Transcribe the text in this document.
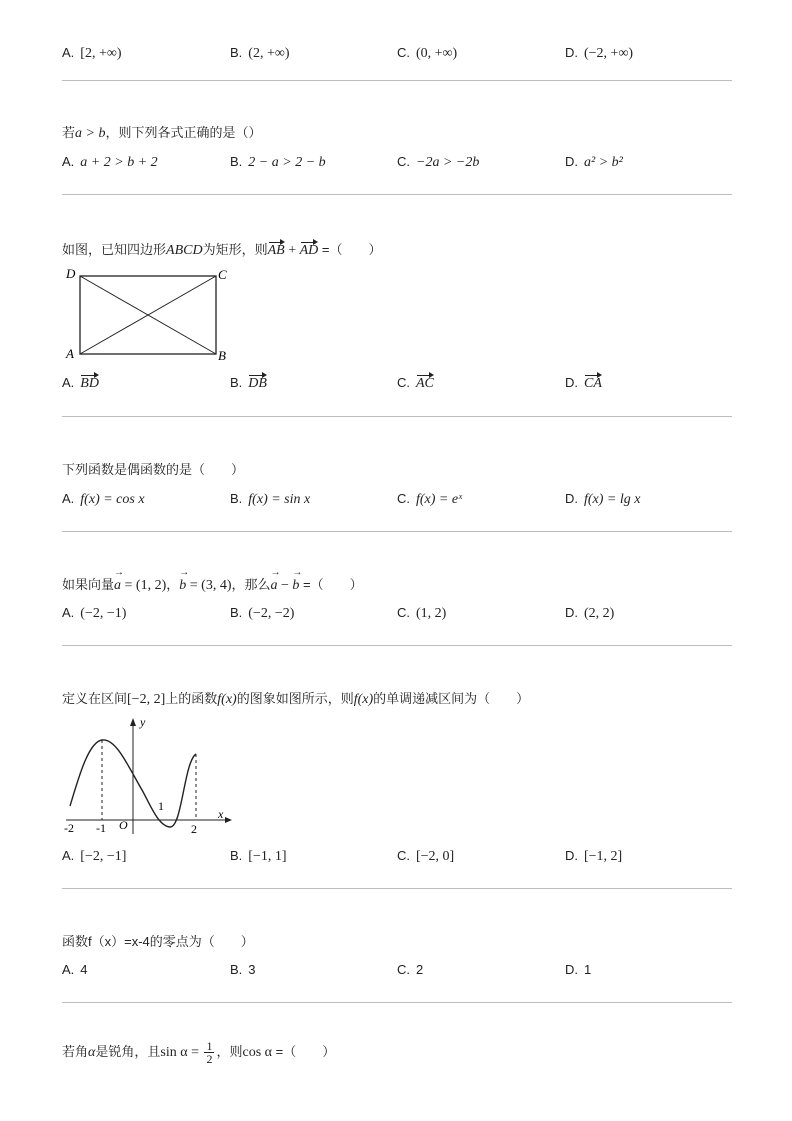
A. [2, +∞)	B. (2, +∞)	C. (0, +∞)	D. (−2, +∞)
若a > b，则下列各式正确的是（）
A. a + 2 > b + 2	B. 2 − a > 2 − b	C. −2a > −2b	D. a² > b²
如图，已知四边形ABCD为矩形，则AB + AD =（　　）
D	C
A	B
A. BD	B. DB	C. AC	D. CA
下列函数是偶函数的是（　　）
A. f(x) = cos x	B. f(x) = sin x	C. f(x) = eˣ	D. f(x) = lg x
如果向量→ a = (1, 2)，→ b = (3, 4)，那么→ a − → b =（　　）
A. (−2, −1)	B. (−2, −2)	C. (1, 2)	D. (2, 2)
定义在区间[−2, 2]上的函数f(x)的图象如图所示，则f(x)的单调递减区间为（　　）
y
x
O
-2 -1
1
2
A. [−2, −1]	B. [−1, 1]	C. [−2, 0]	D. [−1, 2]
函数f（x）=x-4的零点为（　　）
A. 4	B. 3	C. 2	D. 1
若角α是锐角，且$\sin \alpha = \frac{1}{2}$ ，则cos α =（　　）
